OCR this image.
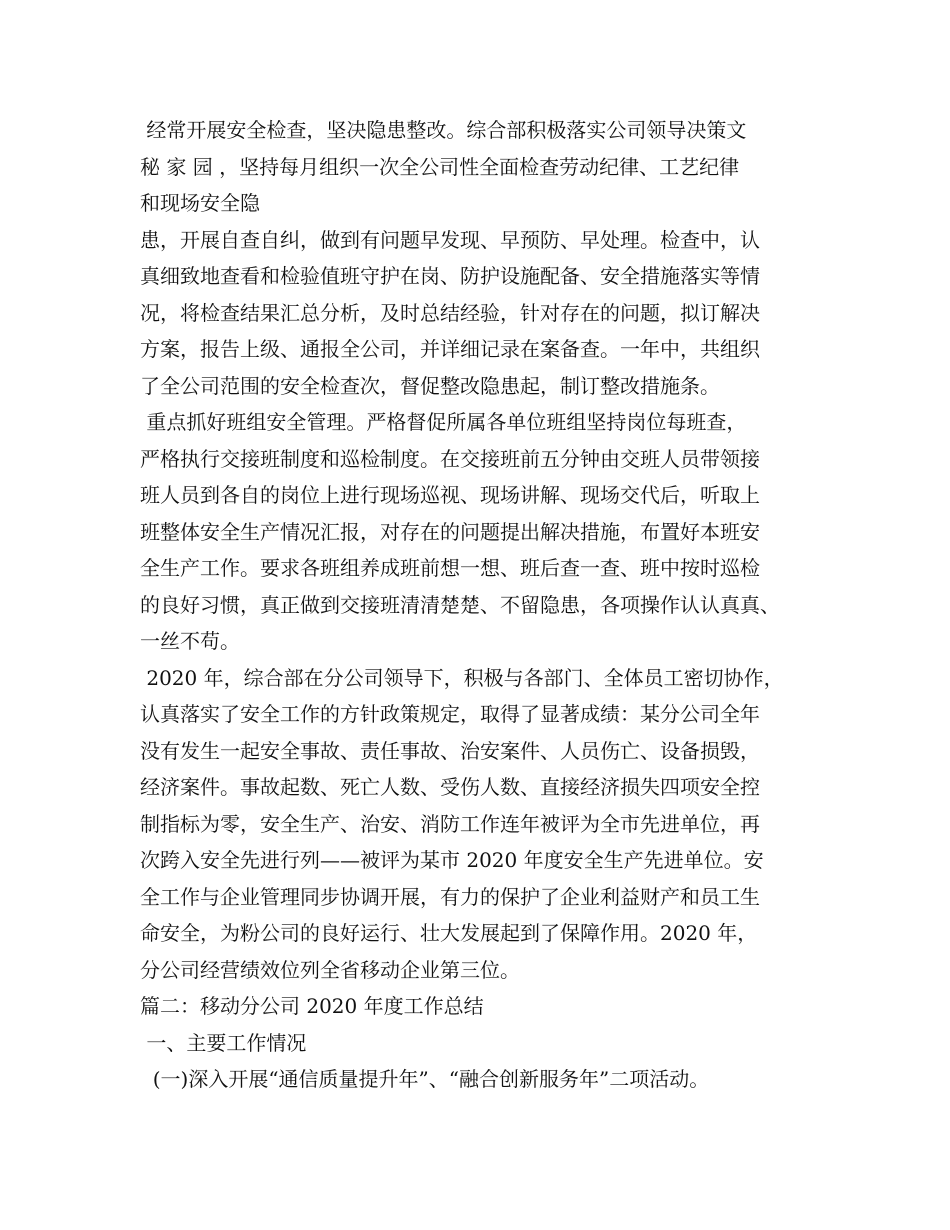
经常开展安全检查，坚决隐患整改。综合部积极落实公司领导决策文
秘 家 园 ，坚持每月组织一次全公司性全面检查劳动纪律、工艺纪律
和现场安全隐
患，开展自查自纠，做到有问题早发现、早预防、早处理。检查中，认
真细致地查看和检验值班守护在岗、防护设施配备、安全措施落实等情
况，将检查结果汇总分析，及时总结经验，针对存在的问题，拟订解决
方案，报告上级、通报全公司，并详细记录在案备查。一年中，共组织
了全公司范围的安全检查次，督促整改隐患起，制订整改措施条。
重点抓好班组安全管理。严格督促所属各单位班组坚持岗位每班查，
严格执行交接班制度和巡检制度。在交接班前五分钟由交班人员带领接
班人员到各自的岗位上进行现场巡视、现场讲解、现场交代后，听取上
班整体安全生产情况汇报，对存在的问题提出解决措施，布置好本班安
全生产工作。要求各班组养成班前想一想、班后查一查、班中按时巡检
的良好习惯，真正做到交接班清清楚楚、不留隐患，各项操作认认真真、
一丝不苟。
2020 年，综合部在分公司领导下，积极与各部门、全体员工密切协作，
认真落实了安全工作的方针政策规定，取得了显著成绩：某分公司全年
没有发生一起安全事故、责任事故、治安案件、人员伤亡、设备损毁，
经济案件。事故起数、死亡人数、受伤人数、直接经济损失四项安全控
制指标为零，安全生产、治安、消防工作连年被评为全市先进单位，再
次跨入安全先进行列——被评为某市 2020 年度安全生产先进单位。安
全工作与企业管理同步协调开展，有力的保护了企业利益财产和员工生
命安全，为粉公司的良好运行、壮大发展起到了保障作用。2020 年，
分公司经营绩效位列全省移动企业第三位。
篇二：移动分公司 2020 年度工作总结
一、主要工作情况
(一)深入开展“通信质量提升年”、“融合创新服务年”二项活动。
